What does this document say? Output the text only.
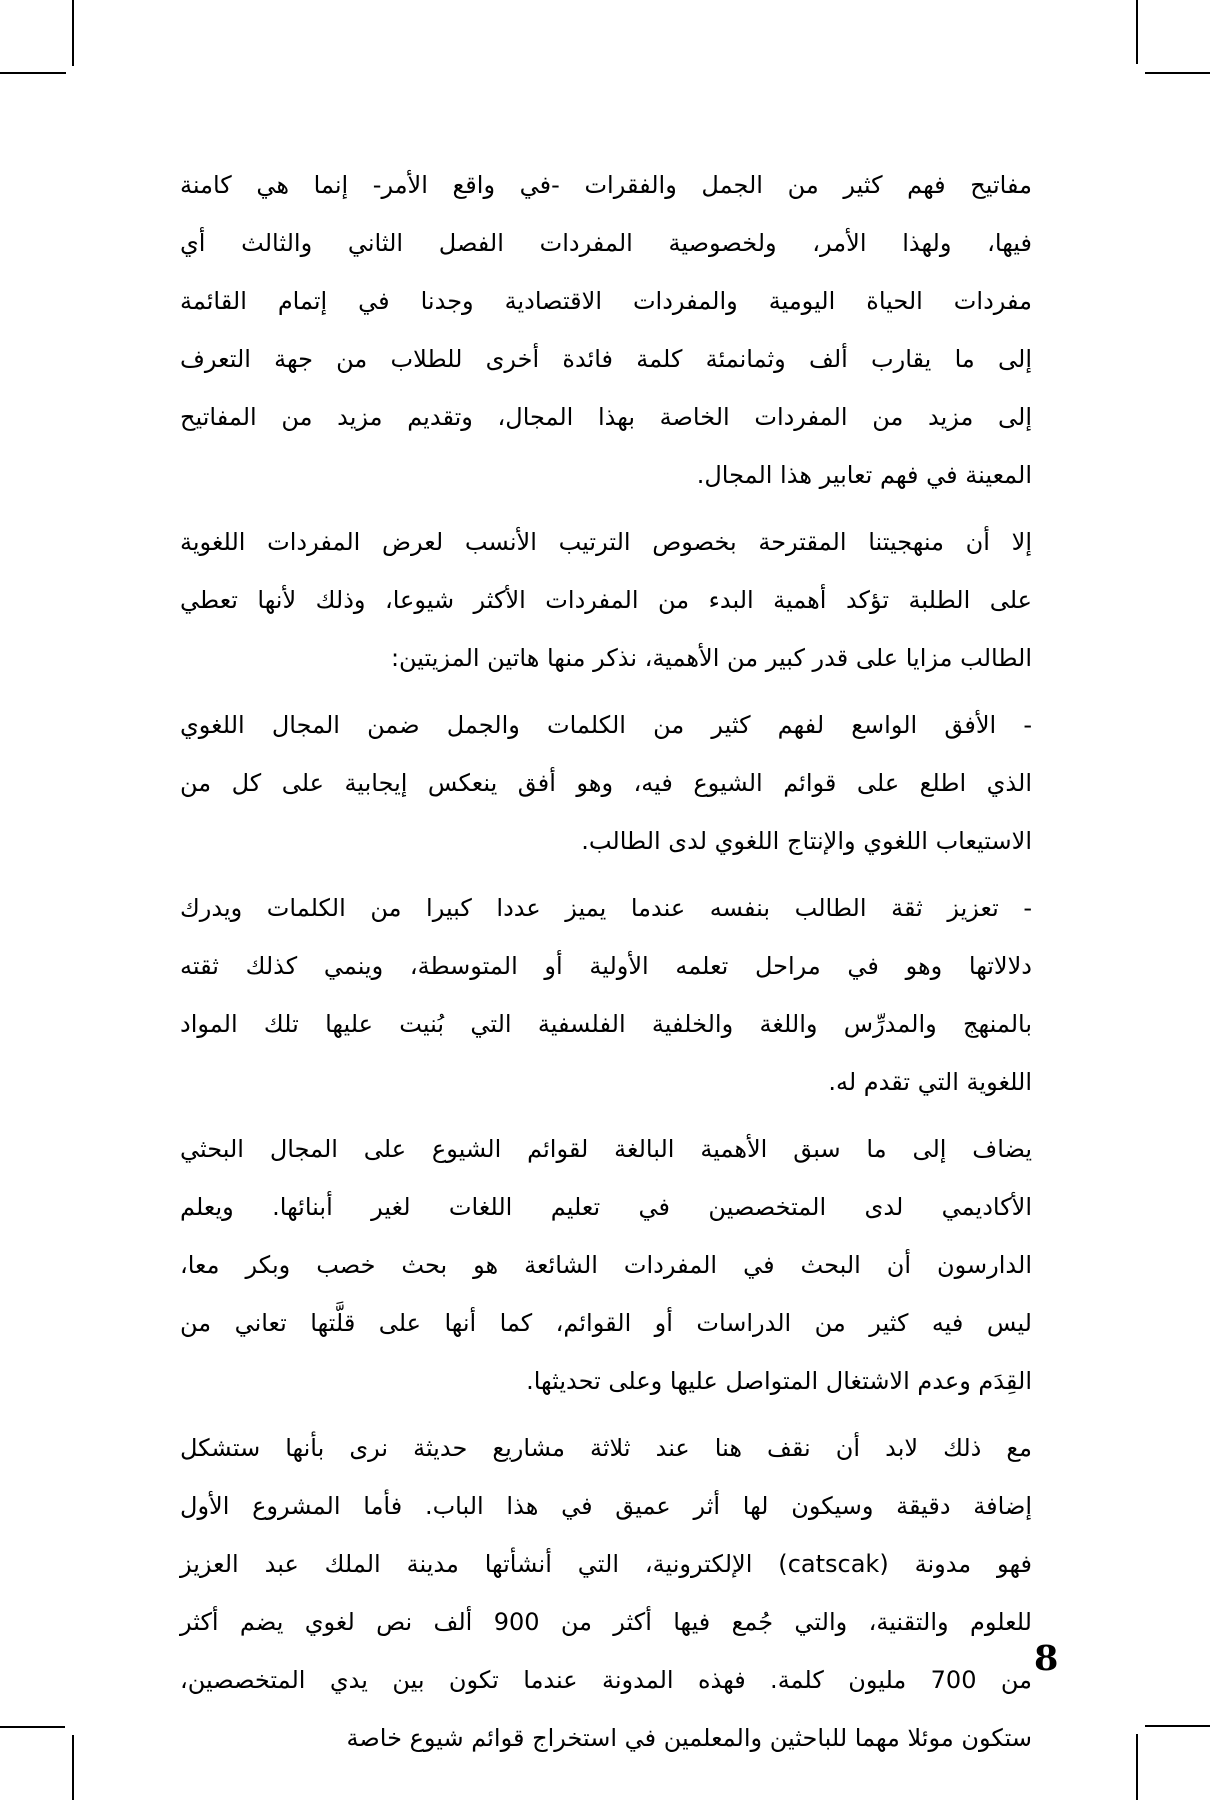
مفاتيح فهم كثير من الجمل والفقرات -في واقع الأمر- إنما هي كامنة
فيها، ولهذا الأمر، ولخصوصية المفردات الفصل الثاني والثالث أي
مفردات الحياة اليومية والمفردات الاقتصادية وجدنا في إتمام القائمة
إلى ما يقارب ألف وثمانمئة كلمة فائدة أخرى للطلاب من جهة التعرف
إلى مزيد من المفردات الخاصة بهذا المجال، وتقديم مزيد من المفاتيح
المعينة في فهم تعابير هذا المجال.
إلا أن منهجيتنا المقترحة بخصوص الترتيب الأنسب لعرض المفردات اللغوية
على الطلبة تؤكد أهمية البدء من المفردات الأكثر شيوعا، وذلك لأنها تعطي
الطالب مزايا على قدر كبير من الأهمية، نذكر منها هاتين المزيتين:
- الأفق الواسع لفهم كثير من الكلمات والجمل ضمن المجال اللغوي
الذي اطلع على قوائم الشيوع فيه، وهو أفق ينعكس إيجابية على كل من
الاستيعاب اللغوي والإنتاج اللغوي لدى الطالب.
- تعزيز ثقة الطالب بنفسه عندما يميز عددا كبيرا من الكلمات ويدرك
دلالاتها وهو في مراحل تعلمه الأولية أو المتوسطة، وينمي كذلك ثقته
بالمنهج والمدرِّس واللغة والخلفية الفلسفية التي بُنيت عليها تلك المواد
اللغوية التي تقدم له.
يضاف إلى ما سبق الأهمية البالغة لقوائم الشيوع على المجال البحثي
الأكاديمي لدى المتخصصين في تعليم اللغات لغير أبنائها. ويعلم
الدارسون أن البحث في المفردات الشائعة هو بحث خصب وبكر معا،
ليس فيه كثير من الدراسات أو القوائم، كما أنها على قلَّتها تعاني من
القِدَم وعدم الاشتغال المتواصل عليها وعلى تحديثها.
مع ذلك لابد أن نقف هنا عند ثلاثة مشاريع حديثة نرى بأنها ستشكل
إضافة دقيقة وسيكون لها أثر عميق في هذا الباب. فأما المشروع الأول
فهو مدونة (catscak) الإلكترونية، التي أنشأتها مدينة الملك عبد العزيز
للعلوم والتقنية، والتي جُمع فيها أكثر من 900 ألف نص لغوي يضم أكثر
من 700 مليون كلمة. فهذه المدونة عندما تكون بين يدي المتخصصين،
ستكون موئلا مهما للباحثين والمعلمين في استخراج قوائم شيوع خاصة
8
